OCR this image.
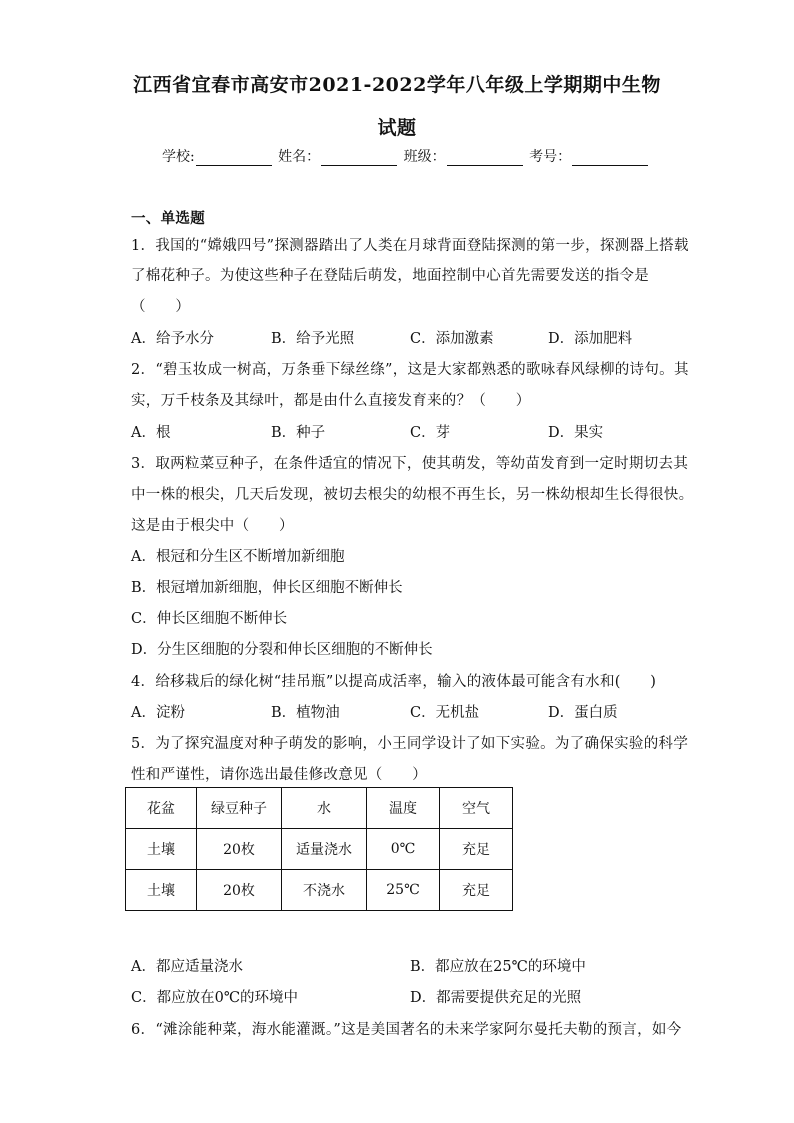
江西省宜春市高安市2021-2022学年八年级上学期期中生物
试题
学校:	姓名：	班级：	考号：
一、单选题
1．我国的“嫦娥四号”探测器踏出了人类在月球背面登陆探测的第一步，探测器上搭载
了棉花种子。为使这些种子在登陆后萌发，地面控制中心首先需要发送的指令是
（　　）
A．给予水分	B．给予光照	C．添加激素	D．添加肥料
2．“碧玉妆成一树高，万条垂下绿丝绦”，这是大家都熟悉的歌咏春风绿柳的诗句。其
实，万千枝条及其绿叶，都是由什么直接发育来的？（　　）
A．根	B．种子	C．芽	D．果实
3．取两粒菜豆种子，在条件适宜的情况下，使其萌发，等幼苗发育到一定时期切去其
中一株的根尖，几天后发现，被切去根尖的幼根不再生长，另一株幼根却生长得很快。
这是由于根尖中（　　）
A．根冠和分生区不断增加新细胞
B．根冠增加新细胞，伸长区细胞不断伸长
C．伸长区细胞不断伸长
D．分生区细胞的分裂和伸长区细胞的不断伸长
4．给移栽后的绿化树“挂吊瓶”以提高成活率，输入的液体最可能含有水和(　　)
A．淀粉	B．植物油	C．无机盐	D．蛋白质
5．为了探究温度对种子萌发的影响，小王同学设计了如下实验。为了确保实验的科学
性和严谨性，请你选出最佳修改意见（　　）
花盆	绿豆种子	水	温度	空气
土壤	20枚	适量浇水	0℃	充足
土壤	20枚	不浇水	25℃	充足
A．都应适量浇水	B．都应放在25℃的环境中
C．都应放在0℃的环境中	D．都需要提供充足的光照
6．“滩涂能种菜，海水能灌溉。”这是美国著名的未来学家阿尔曼托夫勒的预言，如今
